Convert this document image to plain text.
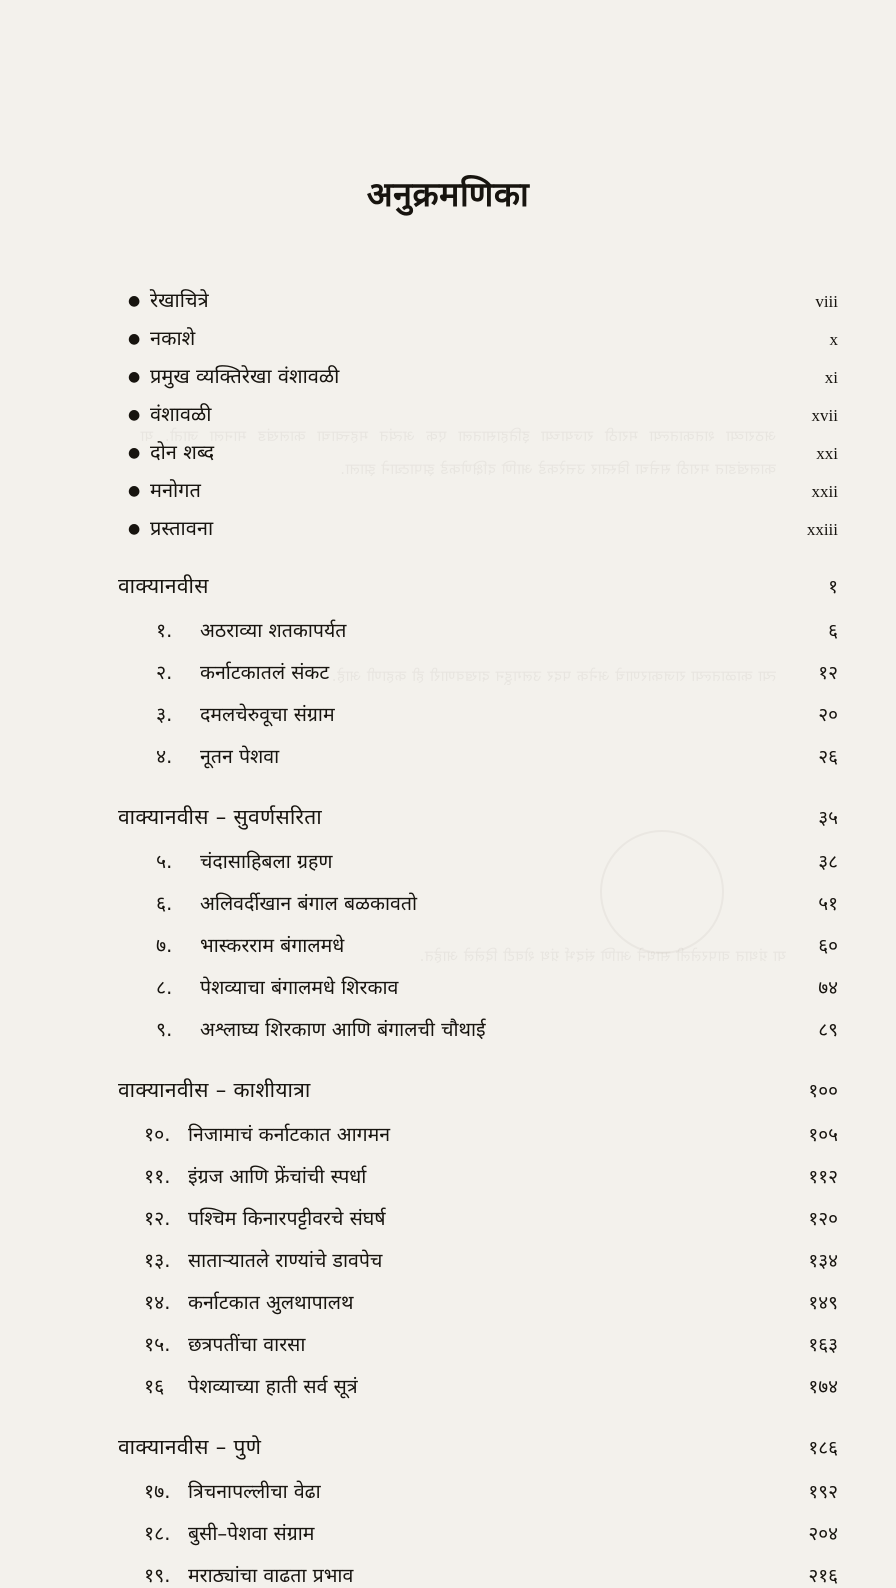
अठराव्या शतकातल्या मराठी राज्याच्या इतिहासातला एक अत्यंत महत्त्वाचा कालखंड मानला जातो. या कालखंडात मराठी सत्तेचा विस्तार उत्तरेकडे आणि दक्षिणेकडे झपाट्याने झाला.
त्या काळातल्या राजकारणाचे अनेक पदर उलगडून दाखवणारी ही कहाणी आहे.
या ग्रंथात वापरलेली साधने आणि संदर्भ ग्रंथ शेवटी दिलेले आहेत.
अनुक्रमणिका
● रेखाचित्रे	viii
● नकाशे	x
● प्रमुख व्यक्तिरेखा वंशावळी	xi
● वंशावळी	xvii
● दोन शब्द	xxi
● मनोगत	xxii
● प्रस्तावना	xxiii
वाक्यानवीस	१
१.	अठराव्या शतकापर्यत	६
२.	कर्नाटकातलं संकट	१२
३.	दमलचेरुवूचा संग्राम	२०
४.	नूतन पेशवा	२६
वाक्यानवीस – सुवर्णसरिता	३५
५.	चंदासाहिबला ग्रहण	३८
६.	अलिवर्दीखान बंगाल बळकावतो	५१
७.	भास्करराम बंगालमधे	६०
८.	पेशव्याचा बंगालमधे शिरकाव	७४
९.	अश्लाघ्य शिरकाण आणि बंगालची चौथाई	८९
वाक्यानवीस – काशीयात्रा	१००
१०. निजामाचं कर्नाटकात आगमन	१०५
११. इंग्रज आणि फ्रेंचांची स्पर्धा	११२
१२. पश्चिम किनारपट्टीवरचे संघर्ष	१२०
१३. साताऱ्यातले राण्यांचे डावपेच	१३४
१४. कर्नाटकात अुलथापालथ	१४९
१५. छत्रपतींचा वारसा	१६३
१६	पेशव्याच्या हाती सर्व सूत्रं	१७४
वाक्यानवीस – पुणे	१८६
१७. त्रिचनापल्लीचा वेढा	१९२
१८. बुसी–पेशवा संग्राम	२०४
१९. मराठ्यांचा वाढता प्रभाव	२१६
